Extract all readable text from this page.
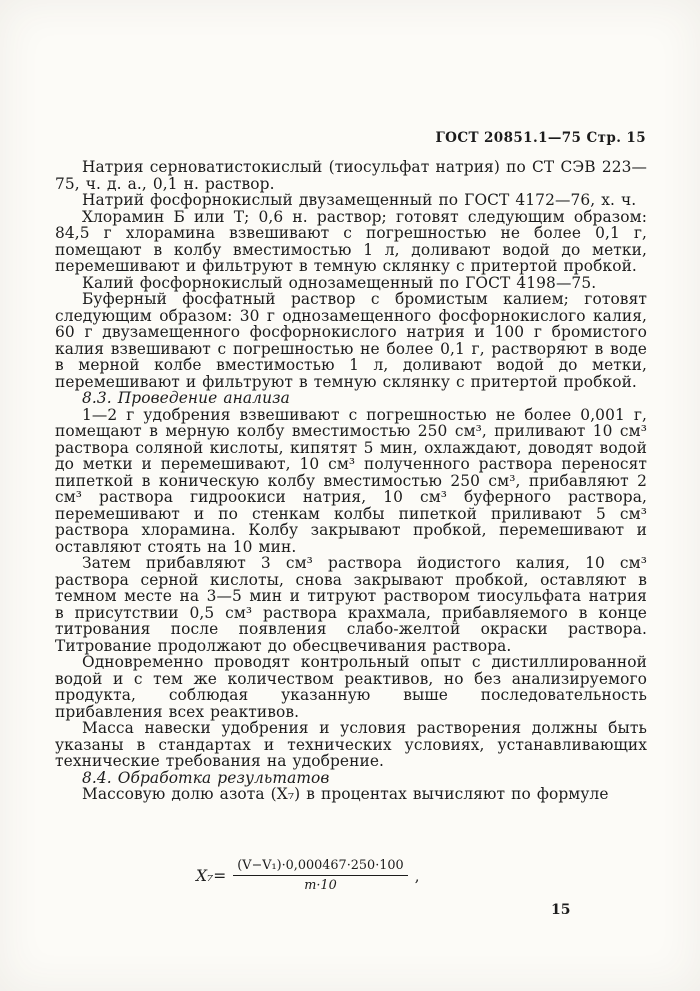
ГОСТ 20851.1—75 Стр. 15

Натрия серноватистокислый (тиосульфат натрия) по СТ СЭВ 223—75, ч. д. а., 0,1 н. раствор.

Натрий фосфорнокислый двузамещенный по ГОСТ 4172—76, х. ч.

Хлорамин Б или Т; 0,6 н. раствор; готовят следующим образом: 84,5 г хлорамина взвешивают с погрешностью не более 0,1 г, помещают в колбу вместимостью 1 л, доливают водой до метки, перемешивают и фильтруют в темную склянку с притертой пробкой.

Калий фосфорнокислый однозамещенный по ГОСТ 4198—75.

Буферный фосфатный раствор с бромистым калием; готовят следующим образом: 30 г однозамещенного фосфорнокислого калия, 60 г двузамещенного фосфорнокислого натрия и 100 г бромистого калия взвешивают с погрешностью не более 0,1 г, растворяют в воде в мерной колбе вместимостью 1 л, доливают водой до метки, перемешивают и фильтруют в темную склянку с притертой пробкой.

8.3. Проведение анализа

1—2 г удобрения взвешивают с погрешностью не более 0,001 г, помещают в мерную колбу вместимостью 250 см³, приливают 10 см³ раствора соляной кислоты, кипятят 5 мин, охлаждают, доводят водой до метки и перемешивают, 10 см³ полученного раствора переносят пипеткой в коническую колбу вместимостью 250 см³, прибавляют 2 см³ раствора гидроокиси натрия, 10 см³ буферного раствора, перемешивают и по стенкам колбы пипеткой приливают 5 см³ раствора хлорамина. Колбу закрывают пробкой, перемешивают и оставляют стоять на 10 мин.

Затем прибавляют 3 см³ раствора йодистого калия, 10 см³ раствора серной кислоты, снова закрывают пробкой, оставляют в темном месте на 3—5 мин и титруют раствором тиосульфата натрия в присутствии 0,5 см³ раствора крахмала, прибавляемого в конце титрования после появления слабо-желтой окраски раствора. Титрование продолжают до обесцвечивания раствора.

Одновременно проводят контрольный опыт с дистиллированной водой и с тем же количеством реактивов, но без анализируемого продукта, соблюдая указанную выше последовательность прибавления всех реактивов.

Масса навески удобрения и условия растворения должны быть указаны в стандартах и технических условиях, устанавливающих технические требования на удобрение.

8.4. Обработка результатов

Массовую долю азота (X₇) в процентах вычисляют по формуле

$X_7= \frac{\text{(V−V₁)·0,000467·250·100}}{m\cdot 10}$ ,
15
